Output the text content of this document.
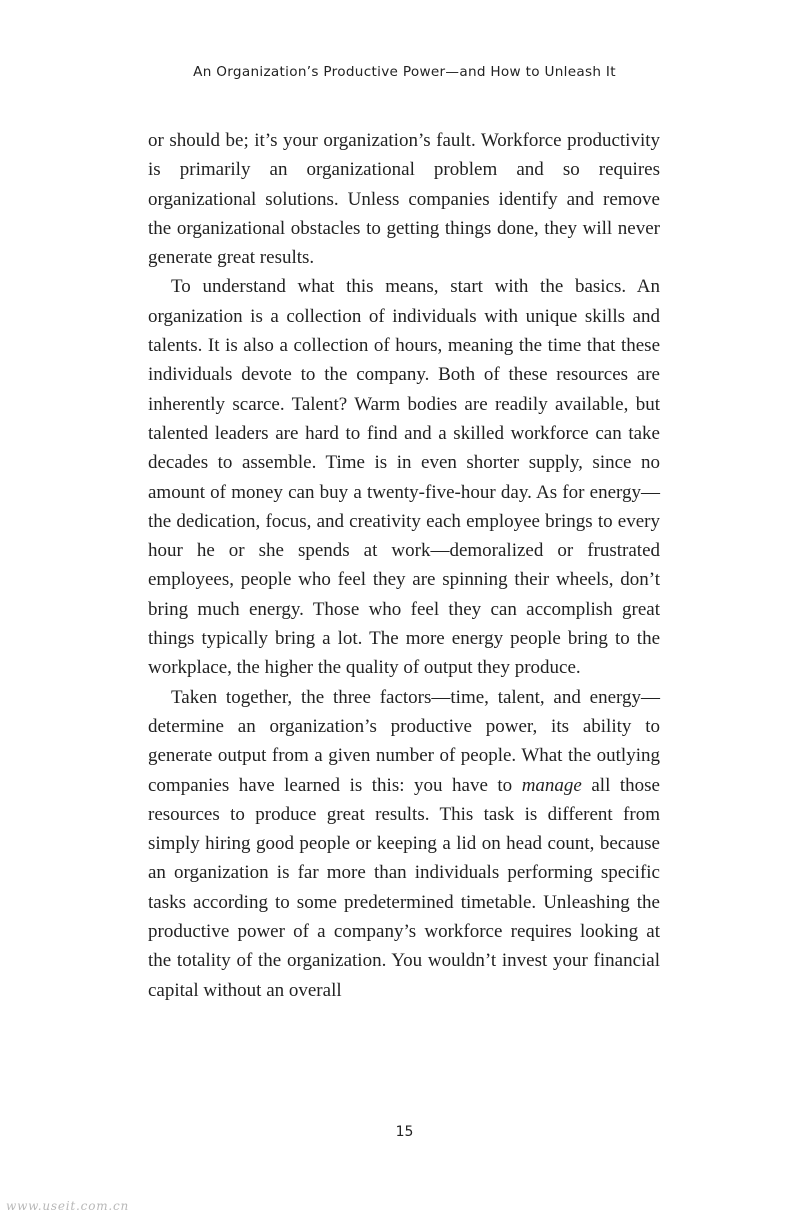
An Organization’s Productive Power—and How to Unleash It

or should be; it’s your organization’s fault. Workforce productivity is primarily an organizational problem and so requires organizational solutions. Unless companies identify and remove the organizational obstacles to getting things done, they will never generate great results.

To understand what this means, start with the basics. An organization is a collection of individuals with unique skills and talents. It is also a collection of hours, meaning the time that these individuals devote to the company. Both of these resources are inherently scarce. Talent? Warm bodies are readily available, but talented leaders are hard to find and a skilled workforce can take decades to assemble. Time is in even shorter supply, since no amount of money can buy a twenty-five-hour day. As for energy—the dedication, focus, and creativity each employee brings to every hour he or she spends at work—demoralized or frustrated employees, people who feel they are spinning their wheels, don’t bring much energy. Those who feel they can accomplish great things typically bring a lot. The more energy people bring to the workplace, the higher the quality of output they produce.

Taken together, the three factors—time, talent, and energy—determine an organization’s productive power, its ability to generate output from a given number of people. What the outlying companies have learned is this: you have to manage all those resources to produce great results. This task is different from simply hiring good people or keeping a lid on head count, because an organization is far more than individuals performing specific tasks according to some predetermined timetable. Unleashing the productive power of a company’s workforce requires looking at the totality of the organization. You wouldn’t invest your financial capital without an overall

15
www.useit.com.cn
